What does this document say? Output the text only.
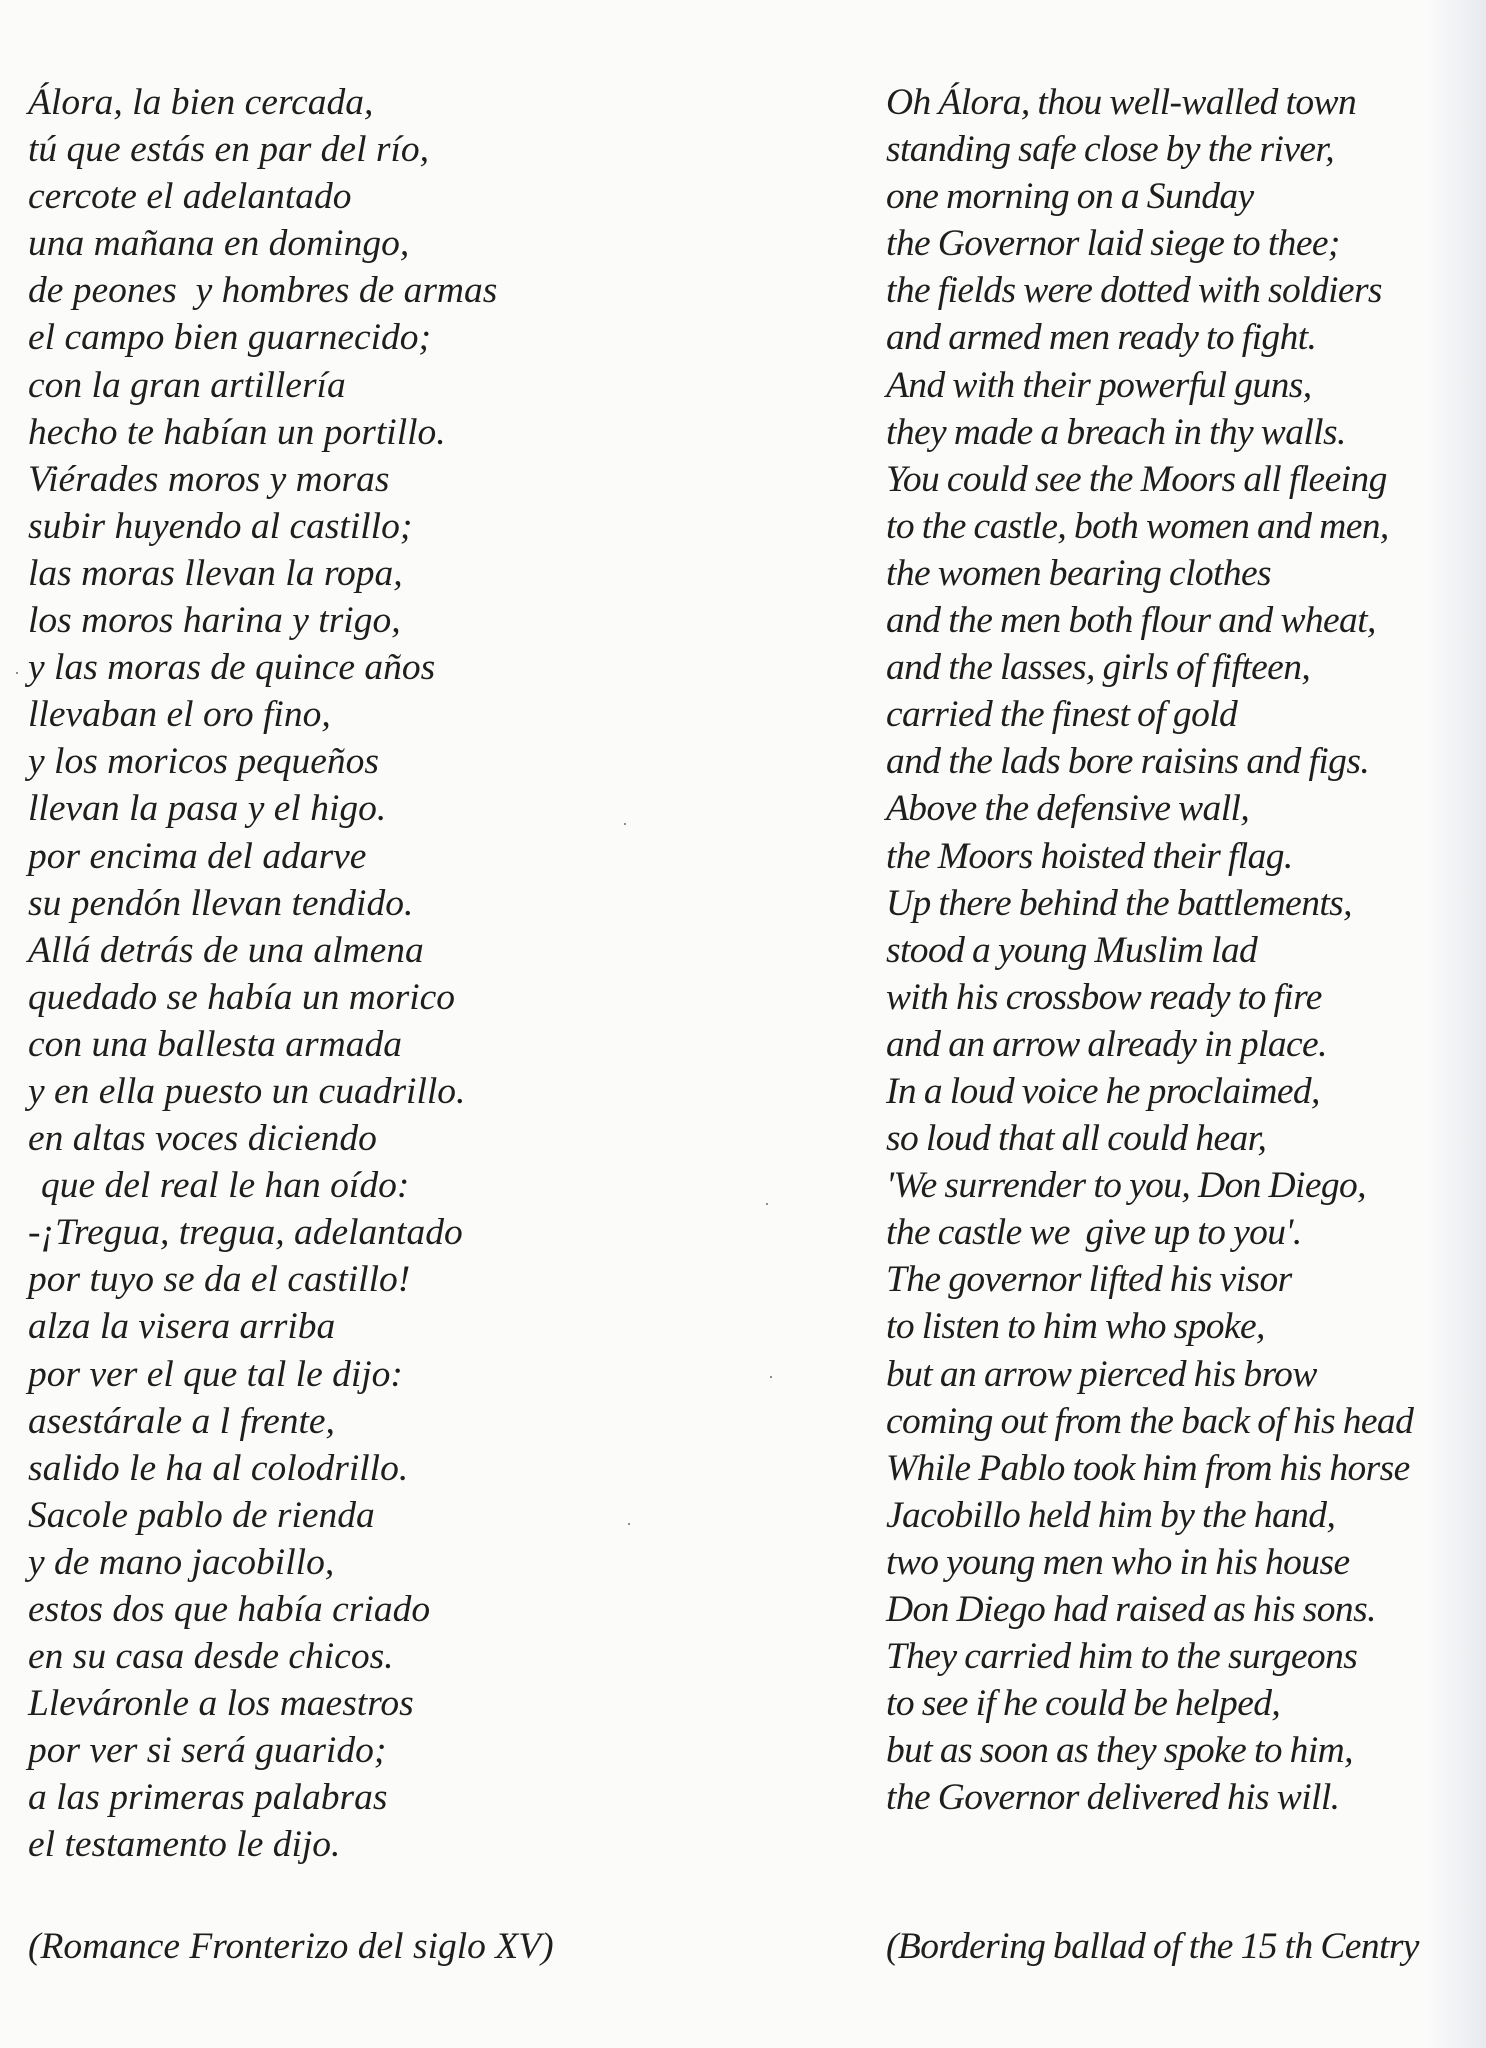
Álora, la bien cercada,
tú que estás en par del río,
cercote el adelantado
una mañana en domingo,
de peones  y hombres de armas
el campo bien guarnecido;
con la gran artillería
hecho te habían un portillo.
Viérades moros y moras
subir huyendo al castillo;
las moras llevan la ropa,
los moros harina y trigo,
y las moras de quince años
llevaban el oro fino,
y los moricos pequeños
llevan la pasa y el higo.
por encima del adarve
su pendón llevan tendido.
Allá detrás de una almena
quedado se había un morico
con una ballesta armada
y en ella puesto un cuadrillo.
en altas voces diciendo
que del real le han oído:
-¡Tregua, tregua, adelantado
por tuyo se da el castillo!
alza la visera arriba
por ver el que tal le dijo:
asestárale a l frente,
salido le ha al colodrillo.
Sacole pablo de rienda
y de mano jacobillo,
estos dos que había criado
en su casa desde chicos.
Lleváronle a los maestros
por ver si será guarido;
a las primeras palabras
el testamento le dijo.
Oh Álora, thou well-walled town
standing safe close by the river,
one morning on a Sunday
the Governor laid siege to thee;
the fields were dotted with soldiers
and armed men ready to fight.
And with their powerful guns,
they made a breach in thy walls.
You could see the Moors all fleeing
to the castle, both women and men,
the women bearing clothes
and the men both flour and wheat,
and the lasses, girls of fifteen,
carried the finest of gold
and the lads bore raisins and figs.
Above the defensive wall,
the Moors hoisted their flag.
Up there behind the battlements,
stood a young Muslim lad
with his crossbow ready to fire
and an arrow already in place.
In a loud voice he proclaimed,
so loud that all could hear,
'We surrender to you, Don Diego,
the castle we  give up to you'.
The governor lifted his visor
to listen to him who spoke,
but an arrow pierced his brow
coming out from the back of his head
While Pablo took him from his horse
Jacobillo held him by the hand,
two young men who in his house
Don Diego had raised as his sons.
They carried him to the surgeons
to see if he could be helped,
but as soon as they spoke to him,
the Governor delivered his will.
(Romance Fronterizo del siglo XV)	(Bordering ballad of the 15 th Centry
